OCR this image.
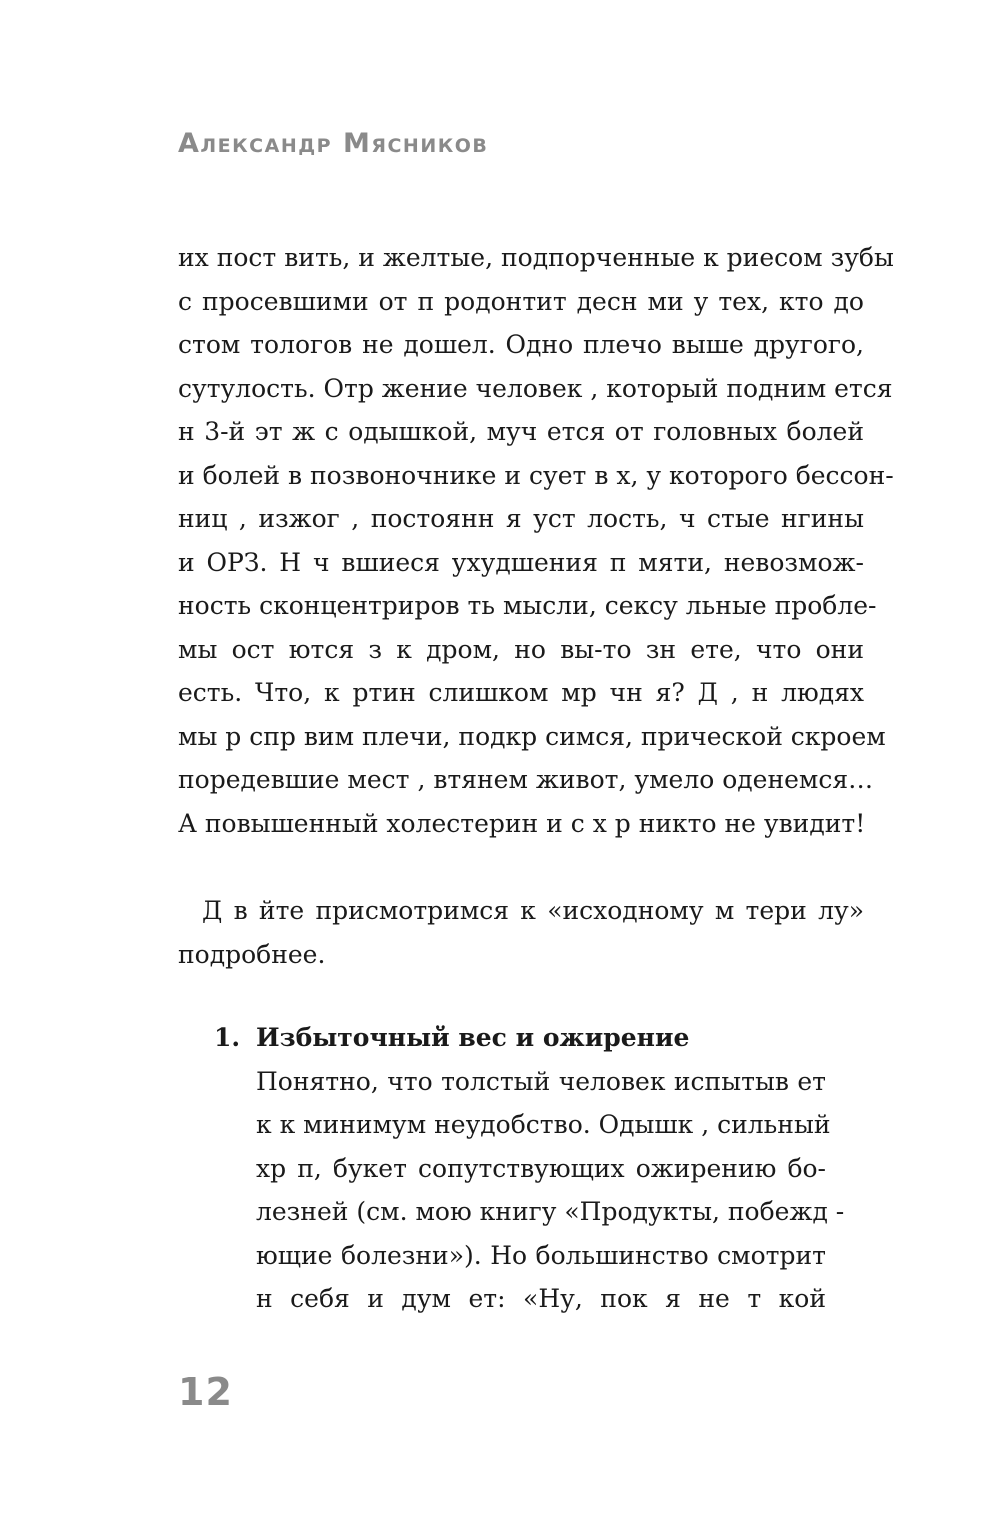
Александр Мясников
их пост вить, и желтые, подпорченные к риесом зубы
с просевшими от п родонтит десн ми у тех, кто до
стом тологов не дошел. Одно плечо выше другого,
сутулость. Отр жение человек , который подним ется
н 3-й эт ж с одышкой, муч ется от головных болей
и болей в позвоночнике и сует в х, у которого бессон-
ниц , изжог , постоянн я уст лость, ч стые нгины
и ОРЗ. Н ч вшиеся ухудшения п мяти, невозмож-
ность сконцентриров ть мысли, сексу льные пробле-
мы ост ются з к дром, но вы-то зн ете, что они
есть. Что, к ртин слишком мр чн я? Д , н людях
мы р спр вим плечи, подкр симся, прической скроем
поредевшие мест , втянем живот, умело оденемся…
А повышенный холестерин и с х р никто не увидит!
Д в йте присмотримся к «исходному м тери лу»
подробнее.
1. Избыточный вес и ожирение
Понятно, что толстый человек испытыв ет
к к минимум неудобство. Одышк , сильный
хр п, букет сопутствующих ожирению бо-
лезней (см. мою книгу «Продукты, побежд -
ющие болезни»). Но большинство смотрит
н себя и дум ет: «Ну, пок я не т кой
12
